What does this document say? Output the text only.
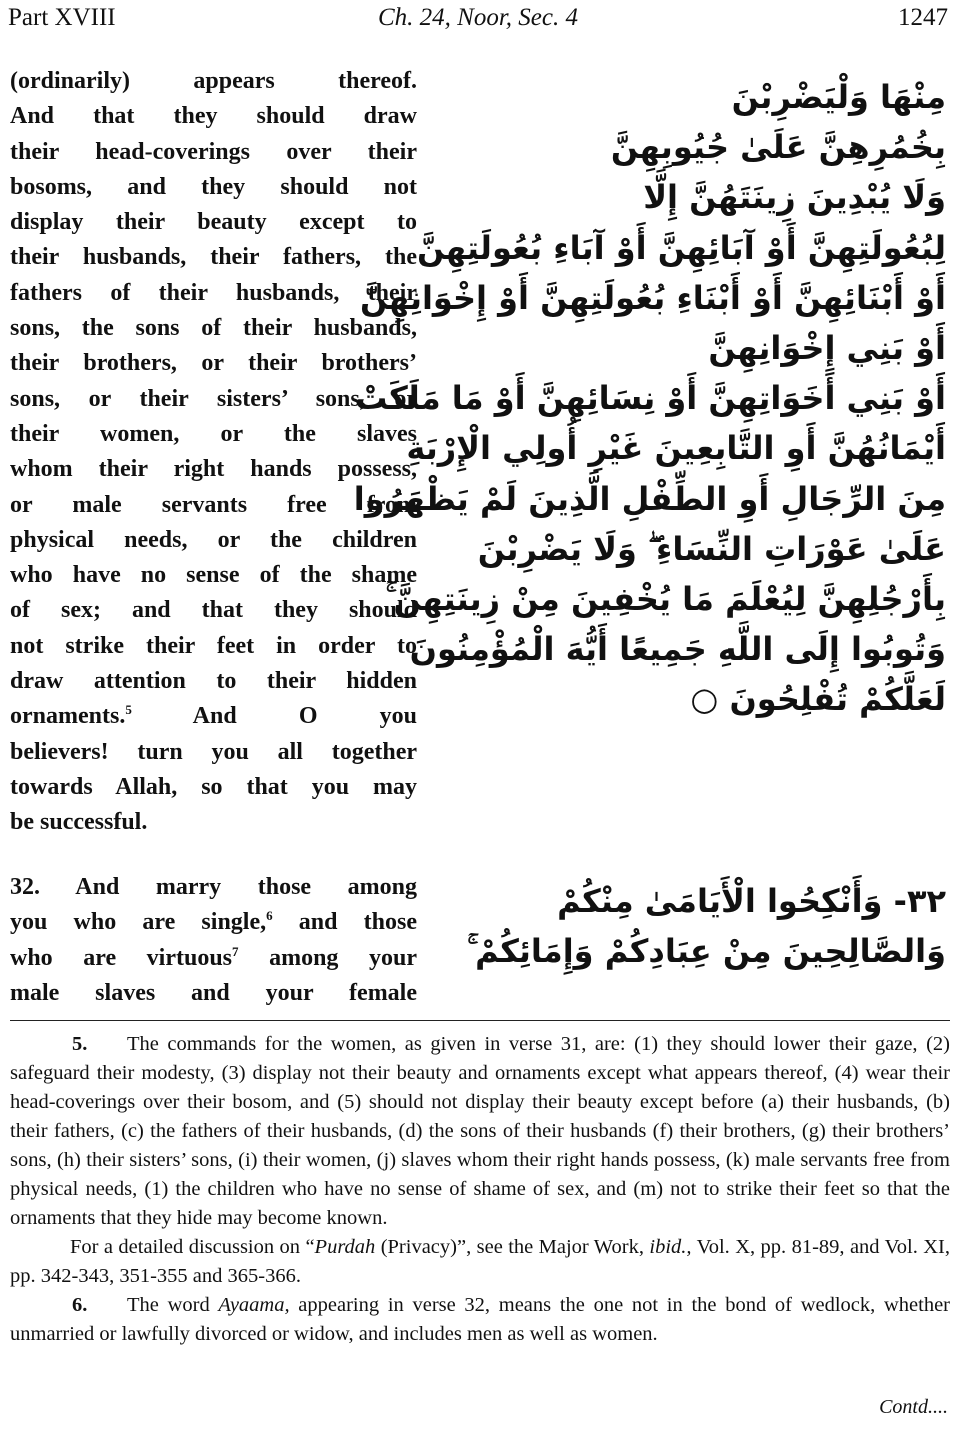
Part XVIII	Ch. 24, Noor, Sec. 4	1247
(ordinarily) appears thereof.
And that they should draw
their head-coverings over their
bosoms, and they should not
display their beauty except to
their husbands, their fathers, the
fathers of their husbands, their
sons, the sons of their husbands,
their brothers, or their brothers’
sons, or their sisters’ sons, or
their women, or the slaves
whom their right hands possess,
or male servants free from
physical needs, or the children
who have no sense of the shame
of sex; and that they should
not strike their feet in order to
draw attention to their hidden
ornaments.$^5$ And O you
believers! turn you all together
towards Allah, so that you may
be successful.
32. And marry those among
you who are single,$^6$ and those
who are virtuous$^7$ among your
male slaves and your female
مِنْهَا وَلْيَضْرِبْنَ
بِخُمُرِهِنَّ عَلَىٰ جُيُوبِهِنَّ
وَلَا يُبْدِينَ زِينَتَهُنَّ إِلَّا
لِبُعُولَتِهِنَّ أَوْ آبَائِهِنَّ أَوْ آبَاءِ بُعُولَتِهِنَّ
أَوْ أَبْنَائِهِنَّ أَوْ أَبْنَاءِ بُعُولَتِهِنَّ أَوْ إِخْوَانِهِنَّ
أَوْ بَنِي إِخْوَانِهِنَّ
أَوْ بَنِي أَخَوَاتِهِنَّ أَوْ نِسَائِهِنَّ أَوْ مَا مَلَكَتْ
أَيْمَانُهُنَّ أَوِ التَّابِعِينَ غَيْرِ أُولِي الْإِرْبَةِ
مِنَ الرِّجَالِ أَوِ الطِّفْلِ الَّذِينَ لَمْ يَظْهَرُوا
عَلَىٰ عَوْرَاتِ النِّسَاءِ ۖ وَلَا يَضْرِبْنَ
بِأَرْجُلِهِنَّ لِيُعْلَمَ مَا يُخْفِينَ مِنْ زِينَتِهِنَّ ۚ
وَتُوبُوا إِلَى اللَّهِ جَمِيعًا أَيُّهَ الْمُؤْمِنُونَ
لَعَلَّكُمْ تُفْلِحُونَ ○
٣٢- وَأَنْكِحُوا الْأَيَامَىٰ مِنْكُمْ
وَالصَّالِحِينَ مِنْ عِبَادِكُمْ وَإِمَائِكُمْ ۚ

5. The commands for the women, as given in verse 31, are: (1) they should lower their gaze, (2) safeguard their modesty, (3) display not their beauty and ornaments except what appears thereof, (4) wear their head-coverings over their bosom, and (5) should not display their beauty except before (a) their husbands, (b) their fathers, (c) the fathers of their husbands, (d) the sons of their husbands (f) their brothers, (g) their brothers’ sons, (h) their sisters’ sons, (i) their women, (j) slaves whom their right hands possess, (k) male servants free from physical needs, (1) the children who have no sense of shame of sex, and (m) not to strike their feet so that the ornaments that they hide may become known.

For a detailed discussion on “Purdah (Privacy)”, see the Major Work, ibid., Vol. X, pp. 81-89, and Vol. XI, pp. 342-343, 351-355 and 365-366.

6. The word Ayaama, appearing in verse 32, means the one not in the bond of wedlock, whether unmarried or lawfully divorced or widow, and includes men as well as women.

Contd....
